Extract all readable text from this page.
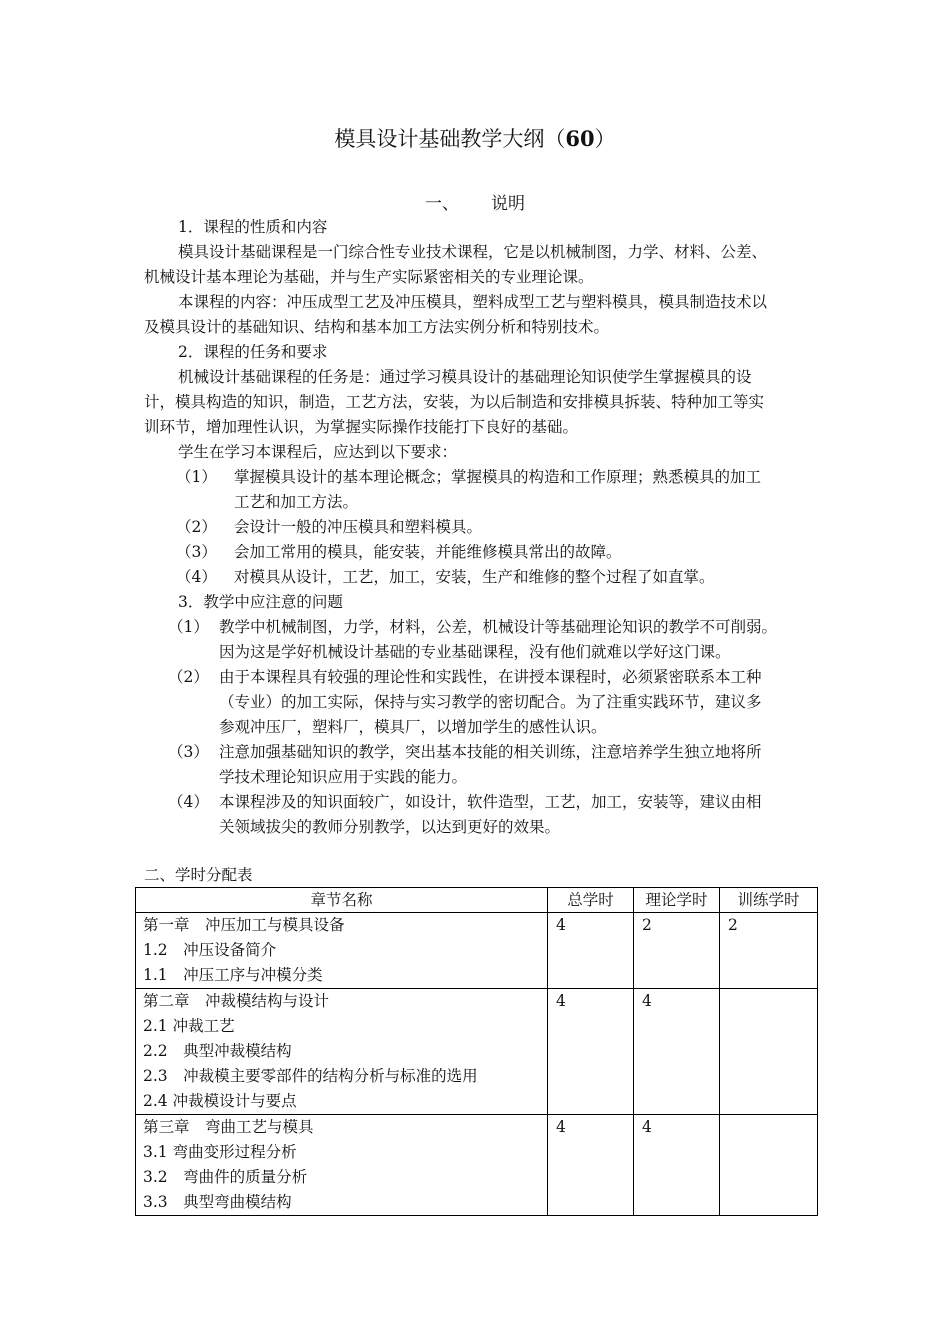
模具设计基础教学大纲（60）
一、 说明
1．课程的性质和内容
模具设计基础课程是一门综合性专业技术课程，它是以机械制图，力学、材料、公差、
机械设计基本理论为基础，并与生产实际紧密相关的专业理论课。
本课程的内容：冲压成型工艺及冲压模具，塑料成型工艺与塑料模具，模具制造技术以
及模具设计的基础知识、结构和基本加工方法实例分析和特别技术。
2．课程的任务和要求
机械设计基础课程的任务是：通过学习模具设计的基础理论知识使学生掌握模具的设
计，模具构造的知识，制造，工艺方法，安装，为以后制造和安排模具拆装、特种加工等实
训环节，增加理性认识，为掌握实际操作技能打下良好的基础。
学生在学习本课程后，应达到以下要求：
（1） 掌握模具设计的基本理论概念；掌握模具的构造和工作原理；熟悉模具的加工
工艺和加工方法。
（2） 会设计一般的冲压模具和塑料模具。
（3） 会加工常用的模具，能安装，并能维修模具常出的故障。
（4） 对模具从设计，工艺，加工，安装，生产和维修的整个过程了如直掌。
3．教学中应注意的问题
（1） 教学中机械制图，力学，材料，公差，机械设计等基础理论知识的教学不可削弱。
因为这是学好机械设计基础的专业基础课程，没有他们就难以学好这门课。
（2） 由于本课程具有较强的理论性和实践性，在讲授本课程时，必须紧密联系本工种
（专业）的加工实际，保持与实习教学的密切配合。为了注重实践环节，建议多
参观冲压厂，塑料厂，模具厂，以增加学生的感性认识。
（3） 注意加强基础知识的教学，突出基本技能的相关训练，注意培养学生独立地将所
学技术理论知识应用于实践的能力。
（4） 本课程涉及的知识面较广，如设计，软件造型，工艺，加工，安装等，建议由相
关领域拔尖的教师分别教学，以达到更好的效果。
二、学时分配表
章节名称	总学时	理论学时	训练学时

第一章　冲压加工与模具设备
1.2　冲压设备简介
1.1　冲压工序与冲模分类	4	2	2

第二章　冲裁模结构与设计
2.1 冲裁工艺
2.2　典型冲裁模结构
2.3　冲裁模主要零部件的结构分析与标准的选用
2.4 冲裁模设计与要点	4	4	

第三章　弯曲工艺与模具
3.1 弯曲变形过程分析
3.2　弯曲件的质量分析
3.3　典型弯曲模结构	4	4	
